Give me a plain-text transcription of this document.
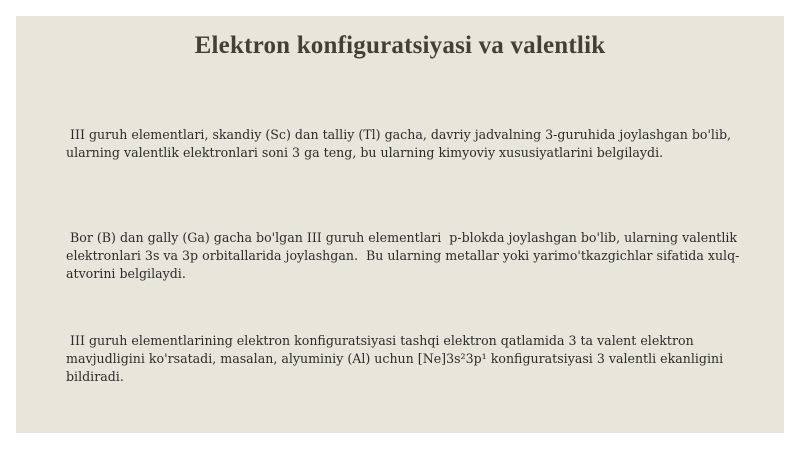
Elektron konfiguratsiyasi va valentlik
III guruh elementlari, skandiy (Sc) dan talliy (Tl) gacha, davriy jadvalning 3-guruhida joylashgan bo'lib, ularning valentlik elektronlari soni 3 ga teng, bu ularning kimyoviy xususiyatlarini belgilaydi.
Bor (B) dan gally (Ga) gacha bo'lgan III guruh elementlari  p-blokda joylashgan bo'lib, ularning valentlik elektronlari 3s va 3p orbitallarida joylashgan.  Bu ularning metallar yoki yarimo'tkazgichlar sifatida xulq-atvorini belgilaydi.
III guruh elementlarining elektron konfiguratsiyasi tashqi elektron qatlamida 3 ta valent elektron mavjudligini ko'rsatadi, masalan, alyuminiy (Al) uchun [Ne]3s²3p¹ konfiguratsiyasi 3 valentli ekanligini bildiradi.
